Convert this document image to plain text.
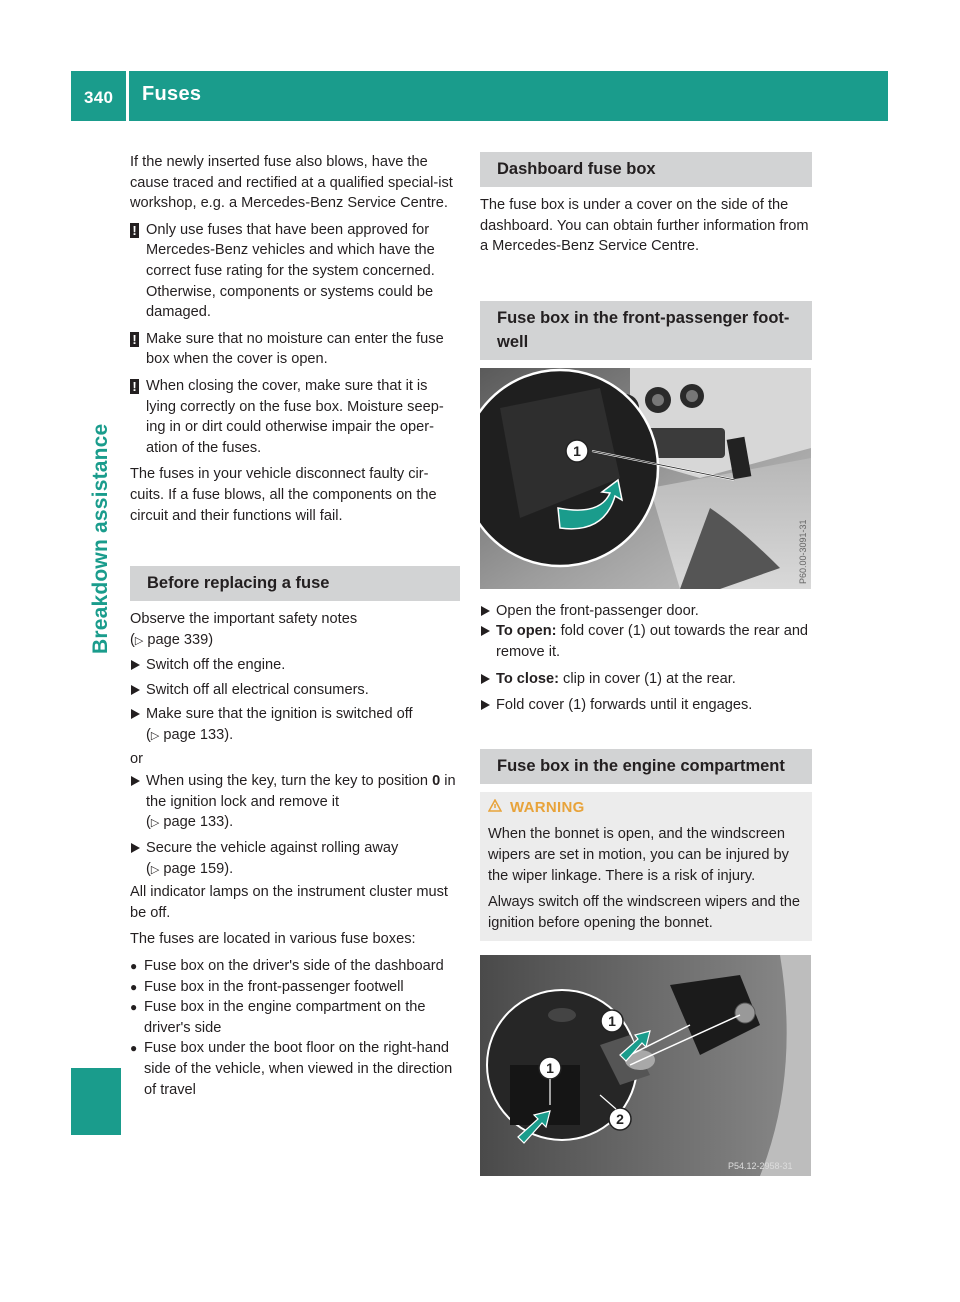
340 Fuses
Breakdown assistance

If the newly inserted fuse also blows, have the cause traced and rectified at a qualified special-ist workshop, e.g. a Mercedes-Benz Service Centre.

! Only use fuses that have been approved for Mercedes-Benz vehicles and which have the correct fuse rating for the system concerned. Otherwise, components or systems could be damaged.
! Make sure that no moisture can enter the fuse box when the cover is open.
! When closing the cover, make sure that it is lying correctly on the fuse box. Moisture seep-ing in or dirt could otherwise impair the oper-ation of the fuses.

The fuses in your vehicle disconnect faulty cir-cuits. If a fuse blows, all the components on the circuit and their functions will fail.

Before replacing a fuse

Observe the important safety notes
(▷ page 339)

Switch off the engine.
Switch off all electrical consumers.
Make sure that the ignition is switched off
(▷ page 133).
or
When using the key, turn the key to position 0 in the ignition lock and remove it
(▷ page 133).
Secure the vehicle against rolling away
(▷ page 159).

All indicator lamps on the instrument cluster must be off.

The fuses are located in various fuse boxes:

● Fuse box on the driver's side of the dashboard
● Fuse box in the front-passenger footwell
● Fuse box in the engine compartment on the driver's side
● Fuse box under the boot floor on the right-hand side of the vehicle, when viewed in the direction of travel
Dashboard fuse box

The fuse box is under a cover on the side of the dashboard. You can obtain further information from a Mercedes-Benz Service Centre.

Fuse box in the front-passenger foot-well
1
P60.00-3091-31
Open the front-passenger door.
To open: fold cover (1) out towards the rear and remove it.
To close: clip in cover (1) at the rear.
Fold cover (1) forwards until it engages.
Fuse box in the engine compartment
WARNING

When the bonnet is open, and the windscreen wipers are set in motion, you can be injured by the wiper linkage. There is a risk of injury.

Always switch off the windscreen wipers and the ignition before opening the bonnet.

1
1
2
P54.12-2958-31
